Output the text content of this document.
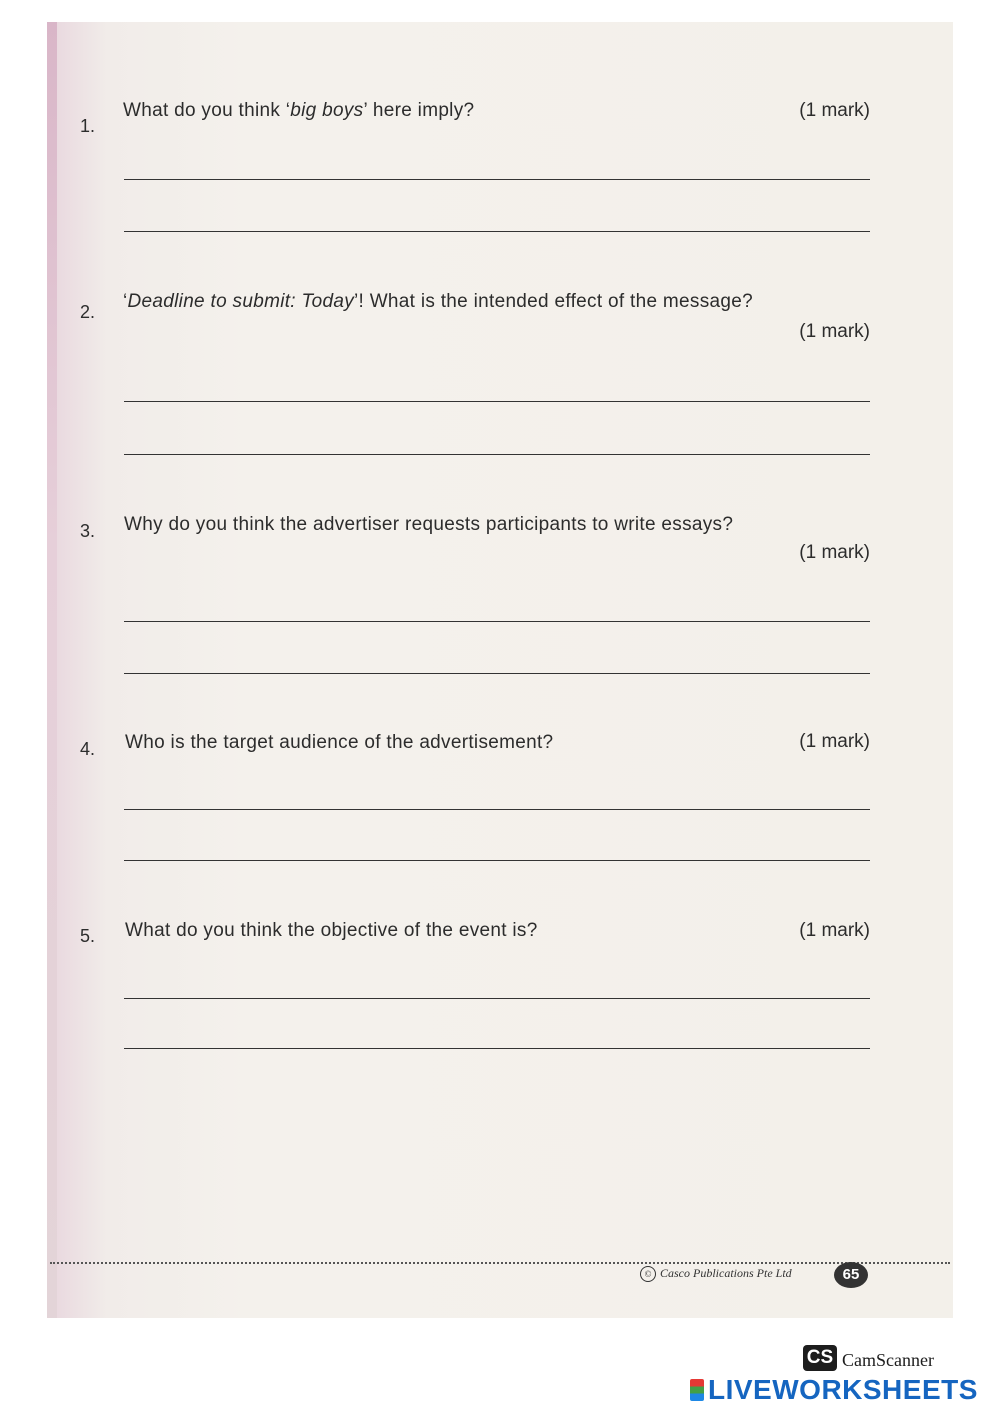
1.
What do you think ‘big boys’ here imply?	(1 mark)
2. ‘Deadline to submit: Today’! What is the intended effect of the message?
(1 mark)
3. Why do you think the advertiser requests participants to write essays?
(1 mark)
4. Who is the target audience of the advertisement?	(1 mark)
5. What do you think the objective of the event is?	(1 mark)
© Casco Publications Pte Ltd	65
CS CamScanner
LIVEWORKSHEETS
